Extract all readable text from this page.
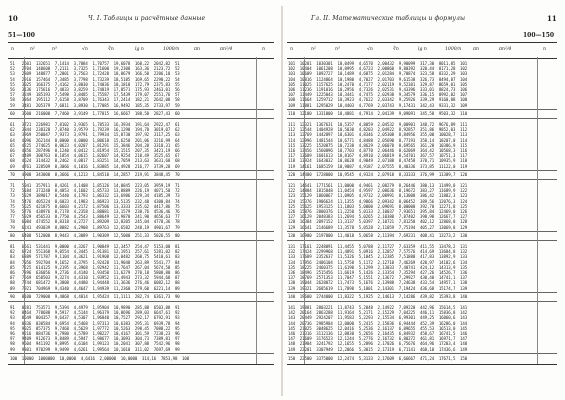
10	Ч. I. Таблицы и расчётные данные
51—100
n	n²	n³	√n	∛n	lg n	1000/n	πn	πn²/4	n
51   2601  132651  7,1414  3,7084  1,70757  19,6078  160,22  2042,82  51
52   2704  140608  7,2111  3,7325  1,71600  19,2308  163,36  2123,72  52
53   2809  148877  7,2801  3,7563  1,72428  18,8679  166,50  2206,18  53
54   2916  157464  7,3485  3,7798  1,73239  18,5185  169,65  2290,22  54
55   3025  166375  7,4162  3,8030  1,74036  18,1818  172,79  2375,83  55
56   3136  175616  7,4833  3,8259  1,74819  17,8571  175,93  2463,01  56
57   3249  185193  7,5498  3,8485  1,75587  17,5439  179,07  2551,76  57
58   3364  195112  7,6158  3,8709  1,76343  17,2414  182,21  2642,08  58
59   3481  205379  7,6811  3,8930  1,77085  16,9492  185,35  2733,97  59
60   3600  216000  7,7460  3,9149  1,77815  16,6667  188,50  2827,43  60
61   3721  226981  7,8102  3,9365  1,78533  16,3934  191,64  2922,47  61
62   3844  238328  7,8740  3,9579  1,79239  16,1290  194,78  3019,07  62
63   3969  250047  7,9373  3,9791  1,79934  15,8730  197,92  3117,25  63
64   4096  262144  8,0000  4,0000  1,80618  15,6250  201,06  3216,99  64
65   4225  274625  8,0623  4,0207  1,81291  15,3846  204,20  3318,31  65
66   4356  287496  8,1240  4,0412  1,81954  15,1515  207,35  3421,19  66
67   4489  300763  8,1854  4,0615  1,82607  14,9254  210,49  3525,65  67
68   4624  314432  8,2462  4,0817  1,83251  14,7059  213,63  3631,68  68
69   4761  328509  8,3066  4,1016  1,83885  14,4928  216,77  3739,28  69
70   4900  343000  8,3666  4,1213  1,84510  14,2857  219,91  3848,45  70
71   5041  357911  8,4261  4,1408  1,85126  14,0845  223,05  3959,19  71
72   5184  373248  8,4853  4,1602  1,85733  13,8889  226,19  4071,50  72
73   5329  389017  8,5440  4,1793  1,86332  13,6986  229,34  4185,39  73
74   5476  405224  8,6023  4,1983  1,86923  13,5135  232,48  4300,84  74
75   5625  421875  8,6603  4,2172  1,87506  13,3333  235,62  4417,86  75
76   5776  438976  8,7178  4,2358  1,88081  13,1579  238,76  4536,46  76
77   5929  456533  8,7750  4,2543  1,88649  12,9870  241,90  4656,63  77
78   6084  474552  8,8318  4,2727  1,89209  12,8205  245,04  4778,36  78
79   6241  493039  8,8882  4,2908  1,89763  12,6582  248,19  4901,67  79
80   6400  512000  8,9443  4,3089  1,90309  12,5000  251,33  5026,55  80
81   6561  531441  9,0000  4,3267  1,90849  12,3457  254,47  5153,00  81
82   6724  551368  9,0554  4,3445  1,91381  12,1951  257,61  5281,02  82
83   6889  571787  9,1104  4,3621  1,91908  12,0482  260,75  5410,61  83
84   7056  592704  9,1652  4,3795  1,92428  11,9048  263,89  5541,77  84
85   7225  614125  9,2195  4,3968  1,92942  11,7647  267,04  5674,50  85
86   7396  636056  9,2736  4,4140  1,93450  11,6279  270,18  5808,80  86
87   7569  658503  9,3274  4,4310  1,93952  11,4943  273,32  5944,68  87
88   7744  681472  9,3808  4,4480  1,94448  11,3636  276,46  6082,12  88
89   7921  704969  9,4340  4,4647  1,94939  11,2360  279,60  6221,14  89
90   8100  729000  9,4868  4,4814  1,95424  11,1111  282,74  6361,73  90
91   8281  753571  9,5394  4,4979  1,95904  10,9890  285,88  6503,88  91
92   8464  778688  9,5917  4,5144  1,96379  10,8696  289,03  6647,61  92
93   8649  804357  9,6437  4,5307  1,96848  10,7527  292,17  6792,91  93
94   8836  830584  9,6954  4,5468  1,97313  10,6383  295,31  6939,78  94
95   9025  857375  9,7468  4,5629  1,97772  10,5263  298,45  7088,22  95
96   9216  884736  9,7980  4,5789  1,98227  10,4167  301,59  7238,23  96
97   9409  912673  9,8489  4,5947  1,98677  10,3093  304,73  7389,81  97
98   9604  941192  9,8995  4,6104  1,99123  10,2041  307,88  7542,96  98
99   9801  970299  9,9499  4,6261  1,99564  10,1010  311,02  7697,69  99
100  10000  1000000  10,0000  4,6416  2,00000  10,0000  314,16  7853,98  100
Гл. II. Математические таблицы и формулы	11
100—150
n	n²	n³	√n	∛n	lg n	1000/n	πn	πn²/4	n
101  10201  1030301  10,0499  4,6570  2,00432  9,90099  317,30  8011,85  101
102  10404  1061208  10,0995  4,6723  2,00860  9,80392  320,44  8171,28  102
103  10609  1092727  10,1489  4,6875  2,01284  9,70874  323,58  8332,29  103
104  10816  1124864  10,1980  4,7027  2,01703  9,61538  326,73  8494,87  104
105  11025  1157625  10,2470  4,7177  2,02119  9,52381  329,87  8659,01  105
106  11236  1191016  10,2956  4,7326  2,02531  9,43396  333,01  8824,73  106
107  11449  1225043  10,3441  4,7475  2,02938  9,34579  336,15  8992,02  107
108  11664  1259712  10,3923  4,7622  2,03342  9,25926  339,29  9160,88  108
109  11881  1295029  10,4403  4,7769  2,03743  9,17431  342,43  9331,32  109
110  12100  1331000  10,4881  4,7914  2,04139  9,09091  345,58  9503,32  110
111  12321  1367631  10,5357  4,8059  2,04532  9,00901  348,72  9676,89  111
112  12544  1404928  10,5830  4,8203  2,04922  8,92857  351,86  9852,03  112
113  12769  1442897  10,6301  4,8346  2,05308  8,84956  355,00  10028,7  113
114  12996  1481544  10,6771  4,8488  2,05690  8,77193  358,14  10207,0  114
115  13225  1520875  10,7238  4,8629  2,06070  8,69565  361,28  10386,9  115
116  13456  1560896  10,7703  4,8770  2,06446  8,62069  364,42  10568,3  116
117  13689  1601613  10,8167  4,8910  2,06819  8,54701  367,57  10751,3  117
118  13924  1643032  10,8628  4,9049  2,07188  8,47458  370,71  10935,9  118
119  14161  1685159  10,9087  4,9187  2,07555  8,40336  373,85  11122,0  119
120  14400  1728000  10,9545  4,9324  2,07918  8,33333  376,99  11309,7  120
121  14641  1771561  11,0000  4,9461  2,08279  8,26446  380,13  11499,0  121
122  14884  1815848  11,0454  4,9597  2,08636  8,19672  383,27  11689,9  122
123  15129  1860867  11,0905  4,9732  2,08991  8,13008  386,42  11882,3  123
124  15376  1906624  11,1355  4,9866  2,09342  8,06452  389,56  12076,3  124
125  15625  1953125  11,1803  5,0000  2,09691  8,00000  392,70  12271,8  125
126  15876  2000376  11,2250  5,0133  2,10037  7,93651  395,84  12469,0  126
127  16129  2048383  11,2694  5,0265  2,10380  7,87402  398,98  12667,7  127
128  16384  2097152  11,3137  5,0397  2,10721  7,81250  402,12  12868,0  128
129  16641  2146689  11,3578  5,0528  2,11059  7,75194  405,27  13069,8  129
130  16900  2197000  11,4018  5,0658  2,11394  7,69231  408,41  13273,2  130
131  17161  2248091  11,4455  5,0788  2,11727  7,63359  411,55  13478,2  131
132  17424  2299968  11,4891  5,0916  2,12057  7,57576  414,69  13684,8  132
133  17689  2352637  11,5326  5,1045  2,12385  7,51880  417,83  13892,9  133
134  17956  2406104  11,5758  5,1172  2,12710  7,46269  420,97  14102,6  134
135  18225  2460375  11,6190  5,1299  2,13033  7,40741  424,12  14313,9  135
136  18496  2515456  11,6619  5,1426  2,13354  7,35294  427,26  14526,7  136
137  18769  2571353  11,7047  5,1551  2,13672  7,29927  430,40  14741,1  137
138  19044  2628072  11,7473  5,1676  2,13988  7,24638  433,54  14957,1  138
139  19321  2685619  11,7898  5,1801  2,14301  7,19424  436,68  15174,7  139
140  19600  2744000  11,8322  5,1925  2,14613  7,14286  439,82  15393,8  140
141  19881  2803221  11,8743  5,2048  2,14922  7,09220  442,96  15614,5  141
142  20164  2863288  11,9164  5,2171  2,15229  7,04225  446,11  15836,8  142
143  20449  2924207  11,9583  5,2293  2,15534  6,99301  449,25  16060,6  143
144  20736  2985984  12,0000  5,2415  2,15836  6,94444  452,39  16286,0  144
145  21025  3048625  12,0416  5,2536  2,16137  6,89655  455,53  16513,0  145
146  21316  3112136  12,0830  5,2656  2,16435  6,84932  458,67  16741,5  146
147  21609  3176523  12,1244  5,2776  2,16732  6,80272  461,81  16971,7  147
148  21904  3241792  12,1655  5,2896  2,17026  6,75676  464,96  17203,4  148
149  22201  3307949  12,2066  5,3015  2,17319  6,71141  468,10  17436,6  149
150  22500  3375000  12,2474  5,3133  2,17609  6,66667  471,24  17671,5  150
